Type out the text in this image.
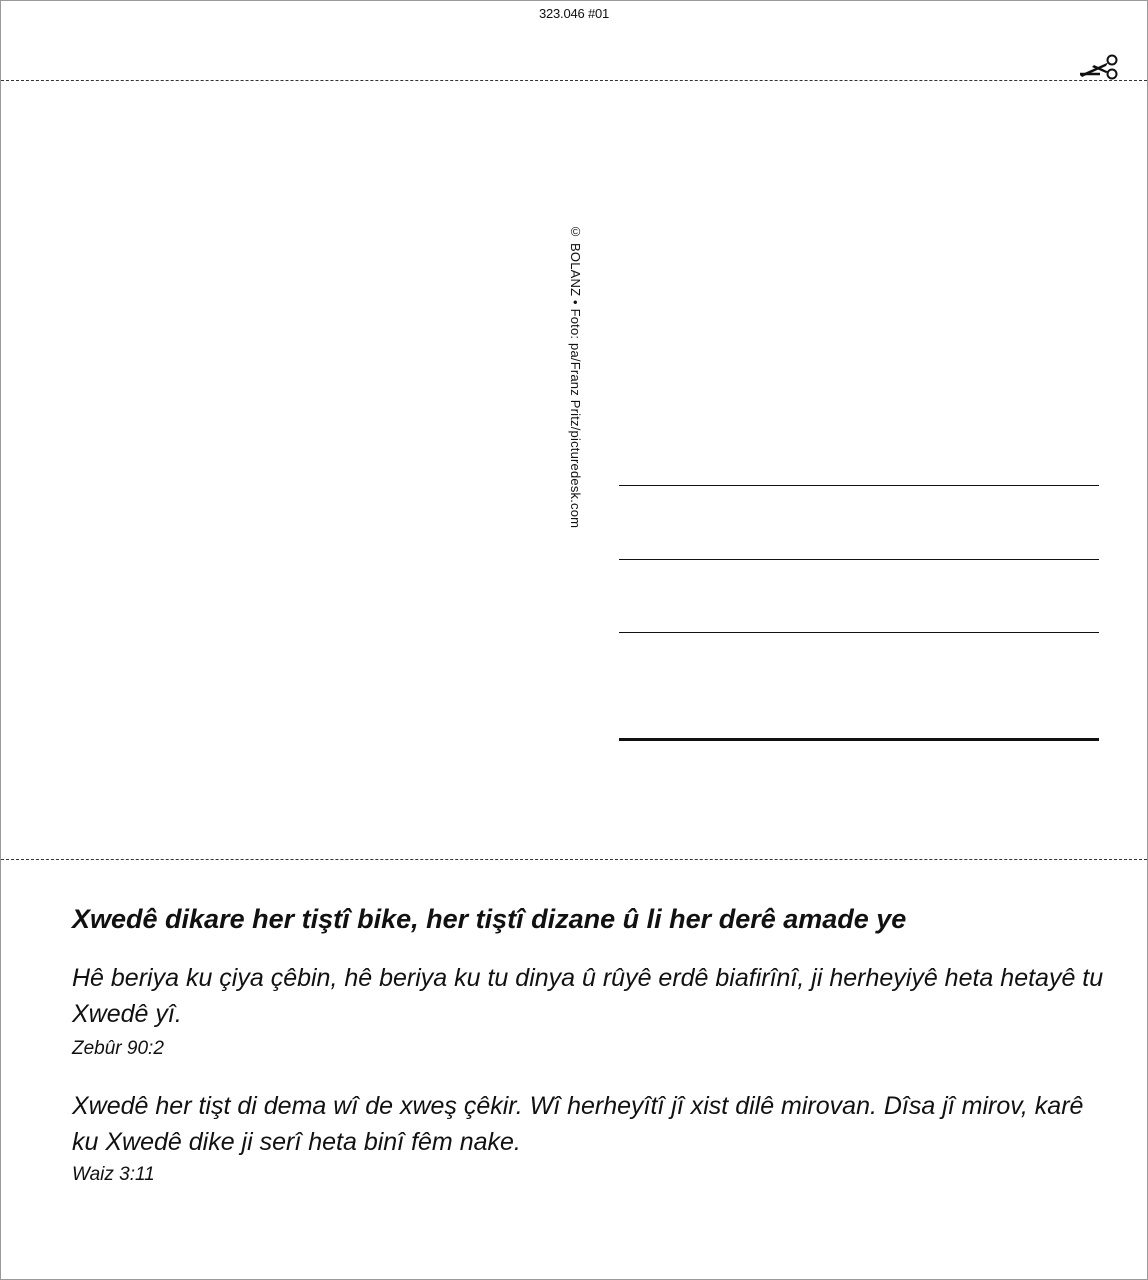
323.046 #01
© BOLANZ • Foto: pa/Franz Pritz/picturedesk.com
Xwedê dikare her tiştî bike, her tiştî dizane û li her derê amade ye
Hê beriya ku çiya çêbin, hê beriya ku tu dinya û rûyê erdê biafirînî, ji herheyiyê heta hetayê tu Xwedê yî.
Zebûr 90:2
Xwedê her tişt di dema wî de xweş çêkir. Wî herheyîtî jî xist dilê mirovan. Dîsa jî mirov, karê ku Xwedê dike ji serî heta binî fêm nake.
Waiz 3:11
